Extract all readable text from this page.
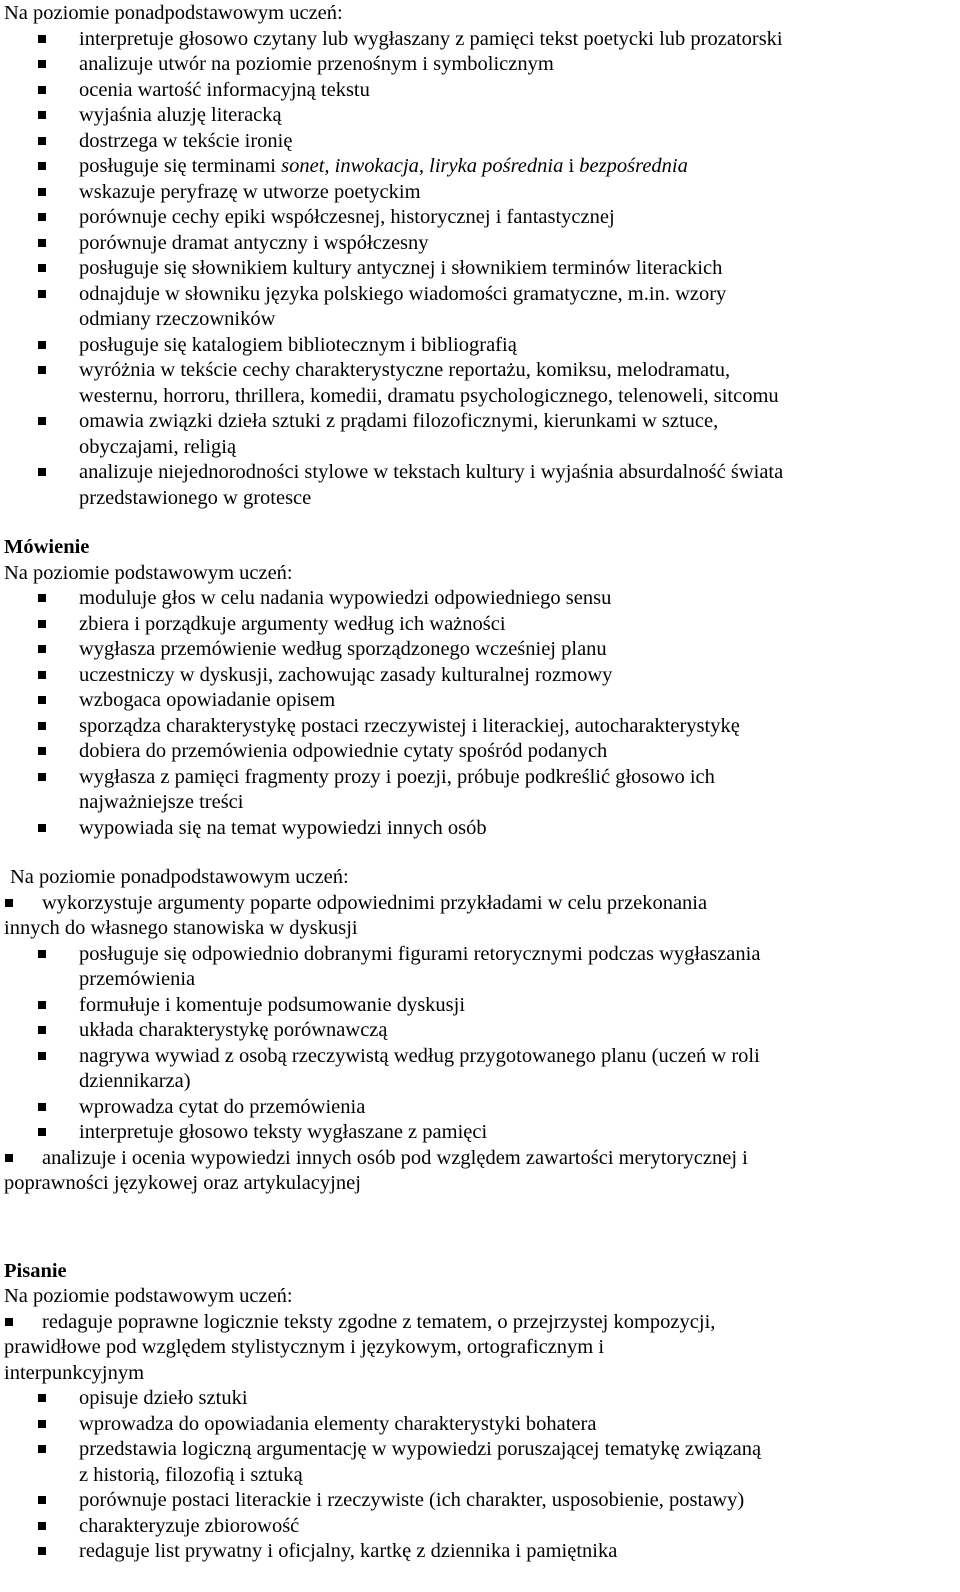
Na poziomie ponadpodstawowym uczeń:
interpretuje głosowo czytany lub wygłaszany z pamięci tekst poetycki lub prozatorski
analizuje utwór na poziomie przenośnym i symbolicznym
ocenia wartość informacyjną tekstu
wyjaśnia aluzję literacką
dostrzega w tekście ironię
posługuje się terminami sonet, inwokacja, liryka pośrednia i bezpośrednia
wskazuje peryfrazę w utworze poetyckim
porównuje cechy epiki współczesnej, historycznej i fantastycznej
porównuje dramat antyczny i współczesny
posługuje się słownikiem kultury antycznej i słownikiem terminów literackich
odnajduje w słowniku języka polskiego wiadomości gramatyczne, m.in. wzory
odmiany rzeczowników
posługuje się katalogiem bibliotecznym i bibliografią
wyróżnia w tekście cechy charakterystyczne reportażu, komiksu, melodramatu,
westernu, horroru, thrillera, komedii, dramatu psychologicznego, telenoweli, sitcomu
omawia związki dzieła sztuki z prądami filozoficznymi, kierunkami w sztuce,
obyczajami, religią
analizuje niejednorodności stylowe w tekstach kultury i wyjaśnia absurdalność świata
przedstawionego w grotesce
Mówienie
Na poziomie podstawowym uczeń:
moduluje głos w celu nadania wypowiedzi odpowiedniego sensu
zbiera i porządkuje argumenty według ich ważności
wygłasza przemówienie według sporządzonego wcześniej planu
uczestniczy w dyskusji, zachowując zasady kulturalnej rozmowy
wzbogaca opowiadanie opisem
sporządza charakterystykę postaci rzeczywistej i literackiej, autocharakterystykę
dobiera do przemówienia odpowiednie cytaty spośród podanych
wygłasza z pamięci fragmenty prozy i poezji, próbuje podkreślić głosowo ich
najważniejsze treści
wypowiada się na temat wypowiedzi innych osób
Na poziomie ponadpodstawowym uczeń:
wykorzystuje argumenty poparte odpowiednimi przykładami w celu przekonania
innych do własnego stanowiska w dyskusji
posługuje się odpowiednio dobranymi figurami retorycznymi podczas wygłaszania
przemówienia
formułuje i komentuje podsumowanie dyskusji
układa charakterystykę porównawczą
nagrywa wywiad z osobą rzeczywistą według przygotowanego planu (uczeń w roli
dziennikarza)
wprowadza cytat do przemówienia
interpretuje głosowo teksty wygłaszane z pamięci
analizuje i ocenia wypowiedzi innych osób pod względem zawartości merytorycznej i
poprawności językowej oraz artykulacyjnej
Pisanie
Na poziomie podstawowym uczeń:
redaguje poprawne logicznie teksty zgodne z tematem, o przejrzystej kompozycji,
prawidłowe pod względem stylistycznym i językowym, ortograficznym i
interpunkcyjnym
opisuje dzieło sztuki
wprowadza do opowiadania elementy charakterystyki bohatera
przedstawia logiczną argumentację w wypowiedzi poruszającej tematykę związaną
z historią, filozofią i sztuką
porównuje postaci literackie i rzeczywiste (ich charakter, usposobienie, postawy)
charakteryzuje zbiorowość
redaguje list prywatny i oficjalny, kartkę z dziennika i pamiętnika
